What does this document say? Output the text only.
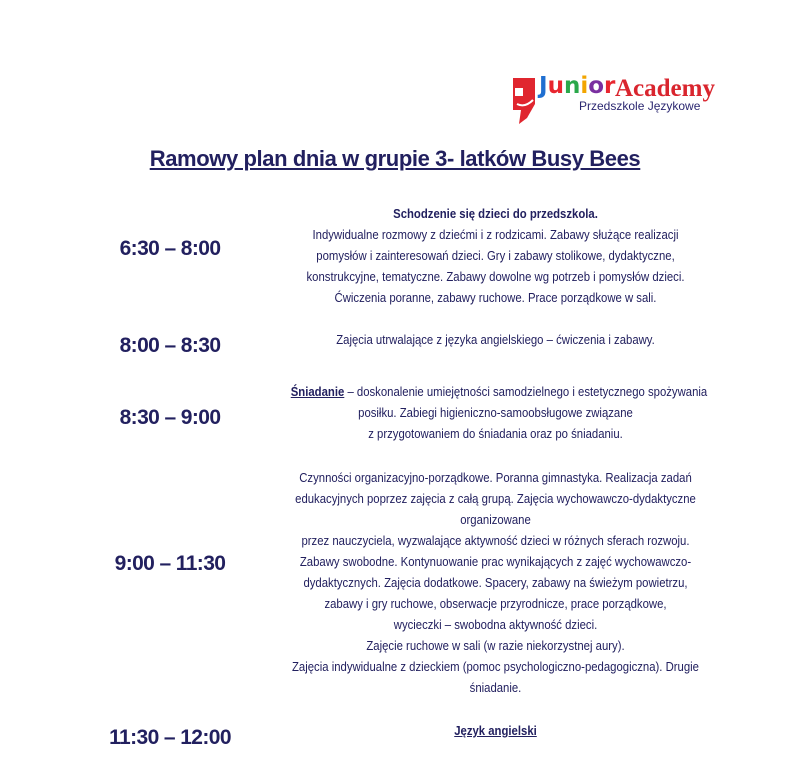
Junior Academy
Przedszkole Językowe
Ramowy plan dnia w grupie 3- latków Busy Bees
6:30 – 8:00
Schodzenie się dzieci do przedszkola.
Indywidualne rozmowy z dziećmi i z rodzicami. Zabawy służące realizacji
pomysłów i zainteresowań dzieci. Gry i zabawy stolikowe, dydaktyczne,
konstrukcyjne, tematyczne. Zabawy dowolne wg potrzeb i pomysłów dzieci.
Ćwiczenia poranne, zabawy ruchowe. Prace porządkowe w sali.
8:00 – 8:30	Zajęcia utrwalające z języka angielskiego – ćwiczenia i zabawy.
8:30 – 9:00
Śniadanie – doskonalenie umiejętności samodzielnego i estetycznego spożywania
posiłku. Zabiegi higieniczno-samoobsługowe związane
z przygotowaniem do śniadania oraz po śniadaniu.
9:00 – 11:30
Czynności organizacyjno-porządkowe. Poranna gimnastyka. Realizacja zadań
edukacyjnych poprzez zajęcia z całą grupą. Zajęcia wychowawczo-dydaktyczne
organizowane
przez nauczyciela, wyzwalające aktywność dzieci w różnych sferach rozwoju.
Zabawy swobodne. Kontynuowanie prac wynikających z zajęć wychowawczo-
dydaktycznych. Zajęcia dodatkowe. Spacery, zabawy na świeżym powietrzu,
zabawy i gry ruchowe, obserwacje przyrodnicze, prace porządkowe,
wycieczki – swobodna aktywność dzieci.
Zajęcie ruchowe w sali (w razie niekorzystnej aury).
Zajęcia indywidualne z dzieckiem (pomoc psychologiczno-pedagogiczna). Drugie
śniadanie.
11:30 – 12:00	Język angielski
